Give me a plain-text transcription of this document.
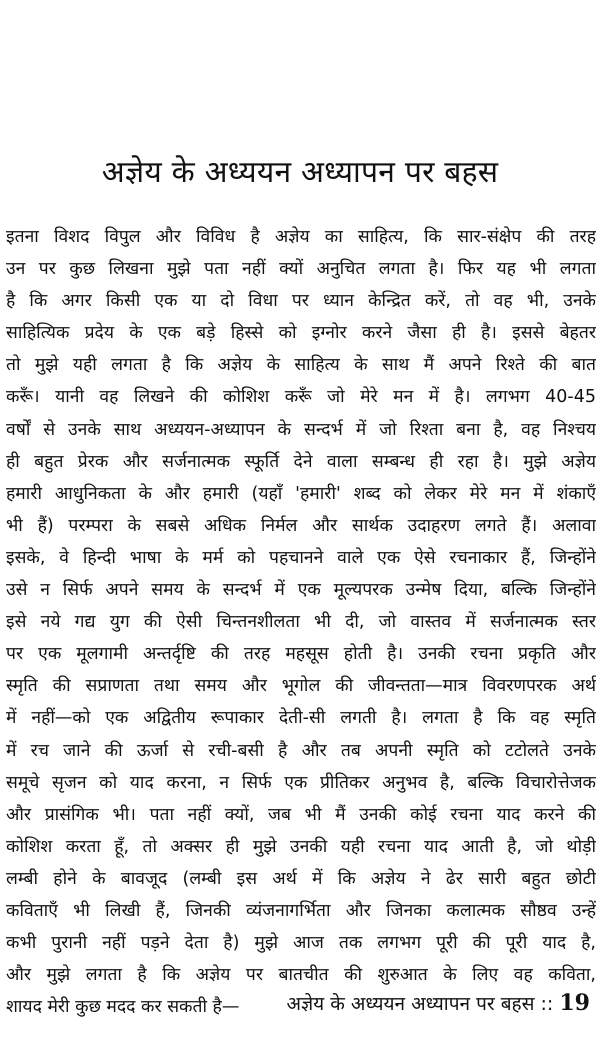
अज्ञेय के अध्ययन अध्यापन पर बहस
इतना विशद विपुल और विविध है अज्ञेय का साहित्य, कि सार-संक्षेप की तरह
उन पर कुछ लिखना मुझे पता नहीं क्यों अनुचित लगता है। फिर यह भी लगता
है कि अगर किसी एक या दो विधा पर ध्यान केन्द्रित करें, तो वह भी, उनके
साहित्यिक प्रदेय के एक बड़े हिस्से को इग्नोर करने जैसा ही है। इससे बेहतर
तो मुझे यही लगता है कि अज्ञेय के साहित्य के साथ मैं अपने रिश्ते की बात
करूँ। यानी वह लिखने की कोशिश करूँ जो मेरे मन में है। लगभग 40-45
वर्षों से उनके साथ अध्ययन-अध्यापन के सन्दर्भ में जो रिश्ता बना है, वह निश्चय
ही बहुत प्रेरक और सर्जनात्मक स्फूर्ति देने वाला सम्बन्ध ही रहा है। मुझे अज्ञेय
हमारी आधुनिकता के और हमारी (यहाँ 'हमारी' शब्द को लेकर मेरे मन में शंकाएँ
भी हैं) परम्परा के सबसे अधिक निर्मल और सार्थक उदाहरण लगते हैं। अलावा
इसके, वे हिन्दी भाषा के मर्म को पहचानने वाले एक ऐसे रचनाकार हैं, जिन्होंने
उसे न सिर्फ अपने समय के सन्दर्भ में एक मूल्यपरक उन्मेष दिया, बल्कि जिन्होंने
इसे नये गद्य युग की ऐसी चिन्तनशीलता भी दी, जो वास्तव में सर्जनात्मक स्तर
पर एक मूलगामी अन्तर्दृष्टि की तरह महसूस होती है। उनकी रचना प्रकृति और
स्मृति की सप्राणता तथा समय और भूगोल की जीवन्तता—मात्र विवरणपरक अर्थ
में नहीं—को एक अद्वितीय रूपाकार देती-सी लगती है। लगता है कि वह स्मृति
में रच जाने की ऊर्जा से रची-बसी है और तब अपनी स्मृति को टटोलते उनके
समूचे सृजन को याद करना, न सिर्फ एक प्रीतिकर अनुभव है, बल्कि विचारोत्तेजक
और प्रासंगिक भी। पता नहीं क्यों, जब भी मैं उनकी कोई रचना याद करने की
कोशिश करता हूँ, तो अक्सर ही मुझे उनकी यही रचना याद आती है, जो थोड़ी
लम्बी होने के बावजूद (लम्बी इस अर्थ में कि अज्ञेय ने ढेर सारी बहुत छोटी
कविताएँ भी लिखी हैं, जिनकी व्यंजनागर्भिता और जिनका कलात्मक सौष्ठव उन्हें
कभी पुरानी नहीं पड़ने देता है) मुझे आज तक लगभग पूरी की पूरी याद है,
और मुझे लगता है कि अज्ञेय पर बातचीत की शुरुआत के लिए वह कविता,
शायद मेरी कुछ मदद कर सकती है—	अज्ञेय के अध्ययन अध्यापन पर बहस :: 19
